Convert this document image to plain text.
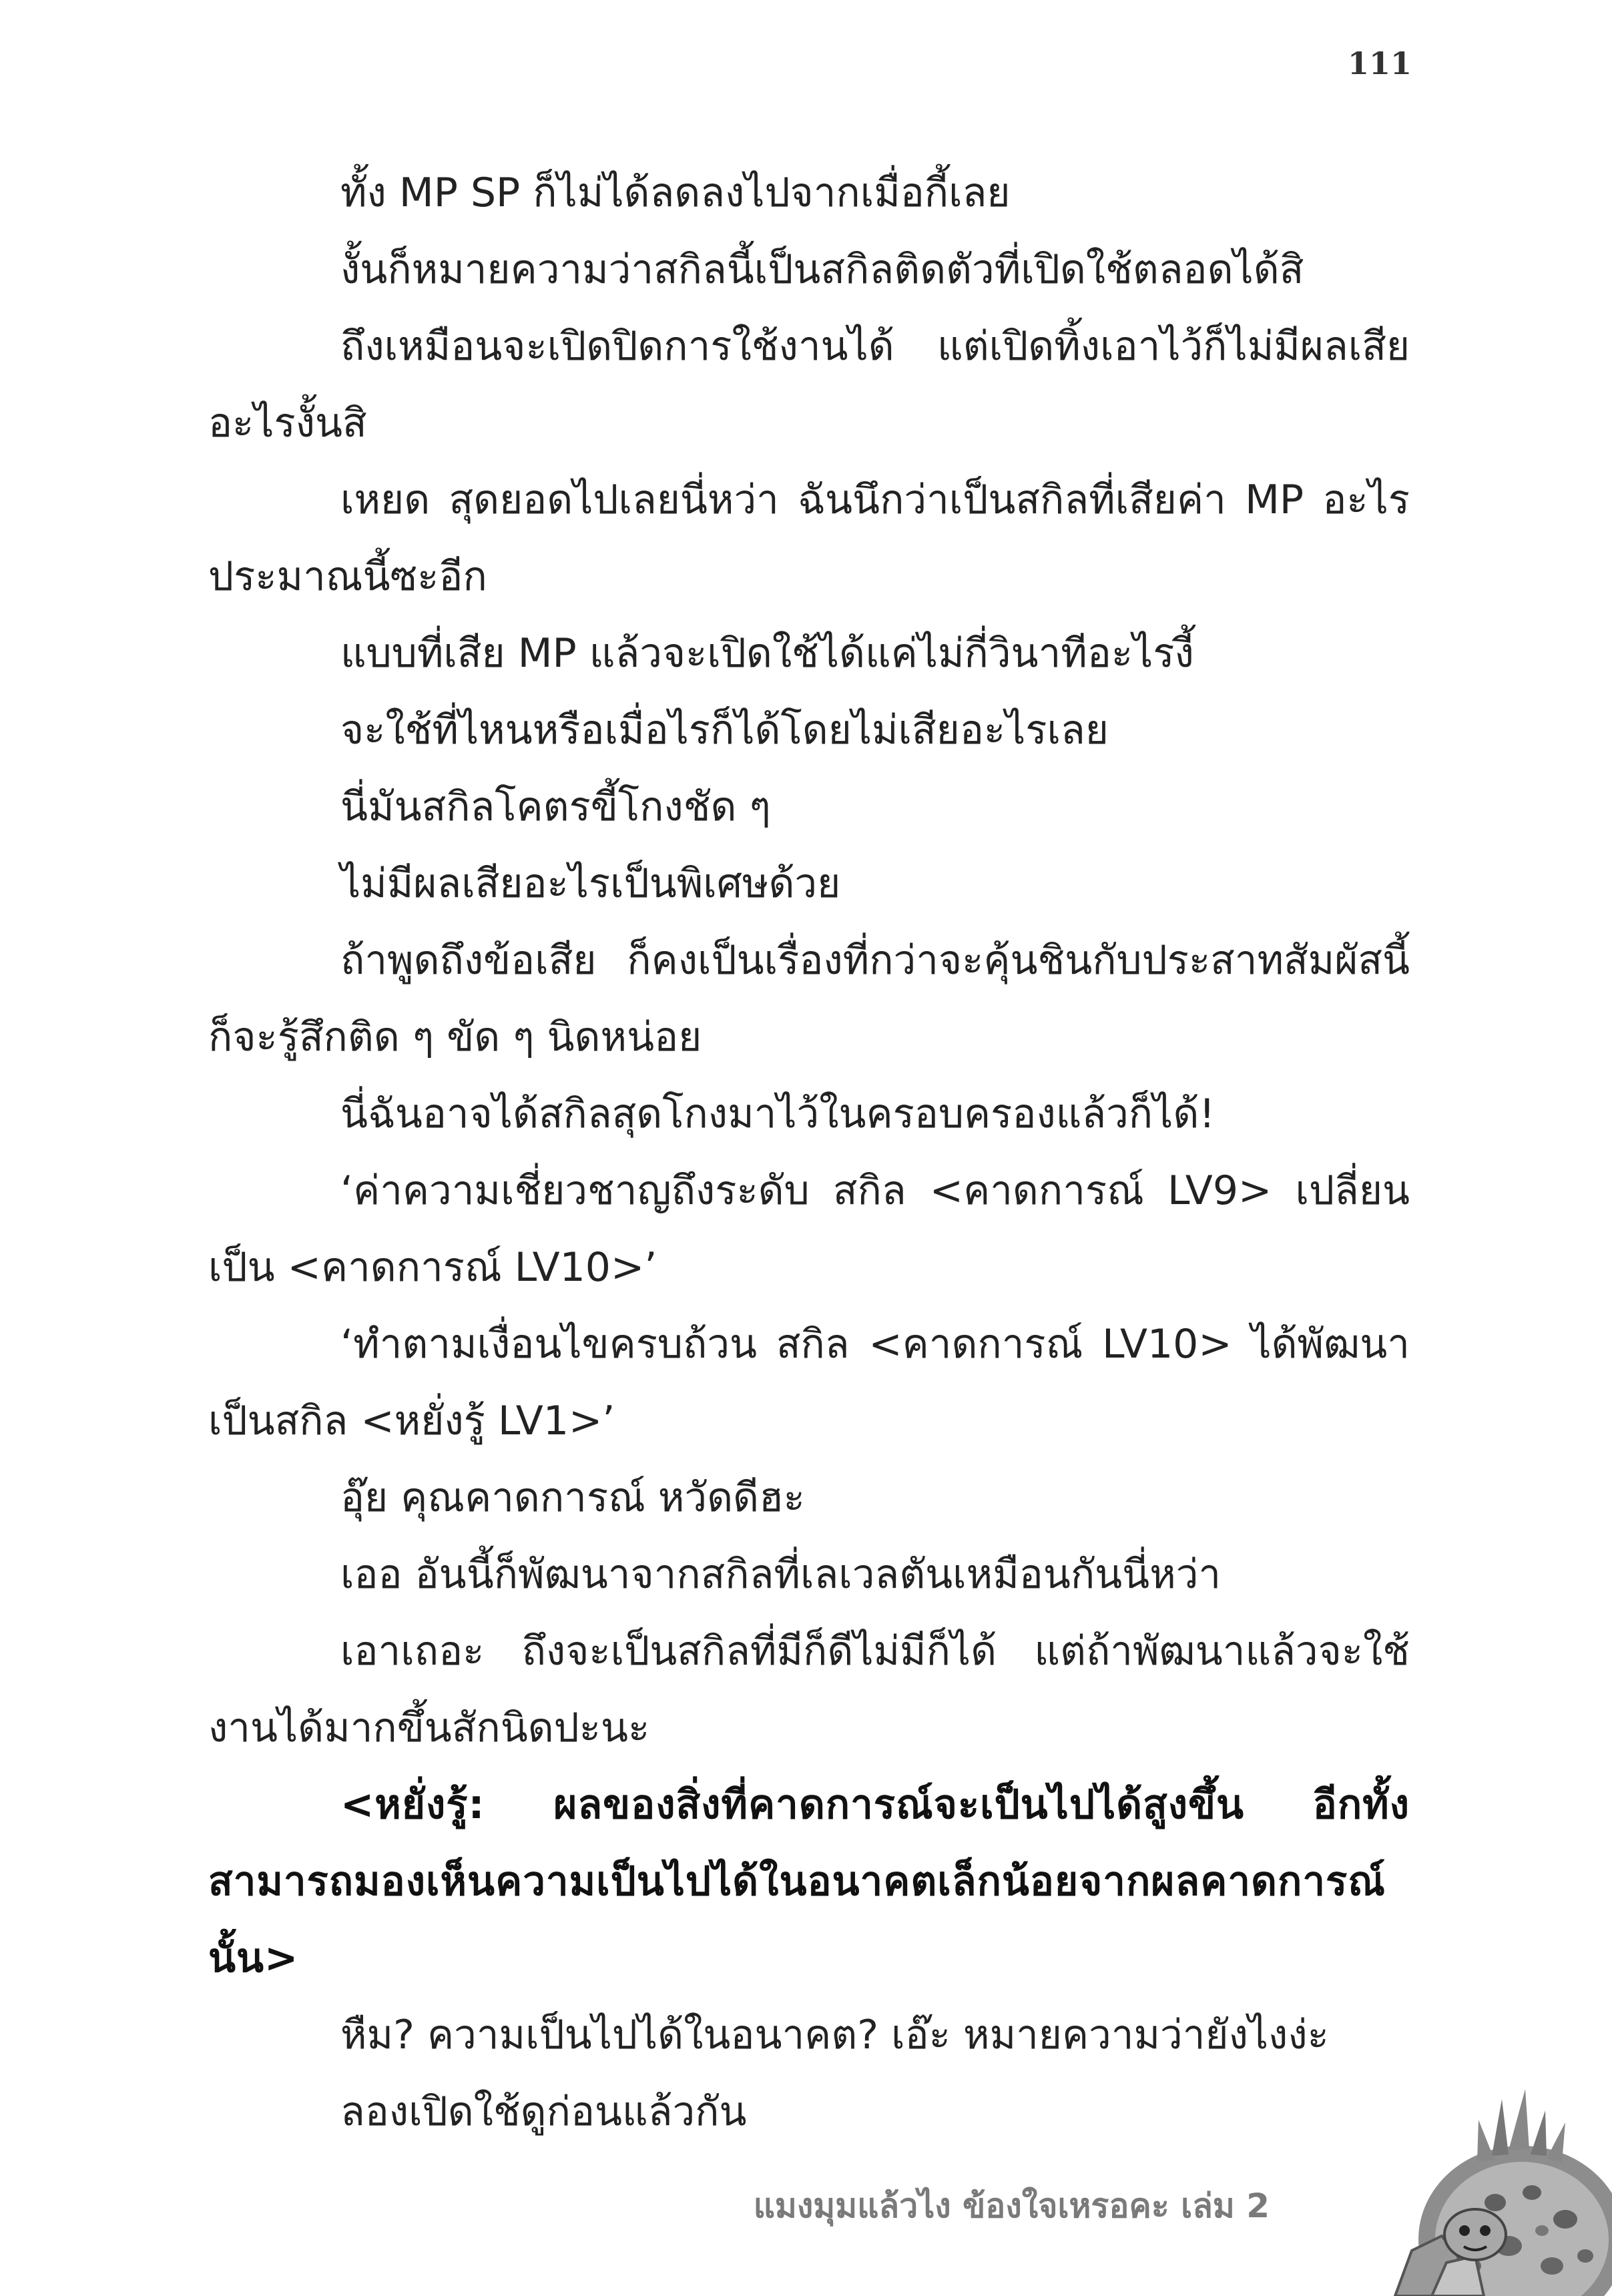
111

ทั้ง MP SP ก็ไม่ได้ลดลงไปจากเมื่อกี้เลย

งั้นก็หมายความว่าสกิลนี้เป็นสกิลติดตัวที่เปิดใช้ตลอดได้สิ

ถึงเหมือนจะเปิดปิดการใช้งานได้ แต่เปิดทิ้งเอาไว้ก็ไม่มีผลเสียอะไรงั้นสิ

เหยด สุดยอดไปเลยนี่หว่า ฉันนึกว่าเป็นสกิลที่เสียค่า MP อะไรประมาณนี้ซะอีก

แบบที่เสีย MP แล้วจะเปิดใช้ได้แค่ไม่กี่วินาทีอะไรงี้

จะใช้ที่ไหนหรือเมื่อไรก็ได้โดยไม่เสียอะไรเลย

นี่มันสกิลโคตรขี้โกงชัด ๆ

ไม่มีผลเสียอะไรเป็นพิเศษด้วย

ถ้าพูดถึงข้อเสีย ก็คงเป็นเรื่องที่กว่าจะคุ้นชินกับประสาทสัมผัสนี้ก็จะรู้สึกติด ๆ ขัด ๆ นิดหน่อย

นี่ฉันอาจได้สกิลสุดโกงมาไว้ในครอบครองแล้วก็ได้!

‘ค่าความเชี่ยวชาญถึงระดับ สกิล <คาดการณ์ LV9> เปลี่ยนเป็น <คาดการณ์ LV10>’

‘ทำตามเงื่อนไขครบถ้วน สกิล <คาดการณ์ LV10> ได้พัฒนาเป็นสกิล <หยั่งรู้ LV1>’

อุ๊ย คุณคาดการณ์ หวัดดีฮะ

เออ อันนี้ก็พัฒนาจากสกิลที่เลเวลตันเหมือนกันนี่หว่า

เอาเถอะ ถึงจะเป็นสกิลที่มีก็ดีไม่มีก็ได้ แต่ถ้าพัฒนาแล้วจะใช้งานได้มากขึ้นสักนิดปะนะ

<หยั่งรู้: ผลของสิ่งที่คาดการณ์จะเป็นไปได้สูงขึ้น อีกทั้งสามารถมองเห็นความเป็นไปได้ในอนาคตเล็กน้อยจากผลคาดการณ์นั้น>

หืม? ความเป็นไปได้ในอนาคต? เอ๊ะ หมายความว่ายังไงง่ะ

ลองเปิดใช้ดูก่อนแล้วกัน

แมงมุมแล้วไง ข้องใจเหรอคะ เล่ม 2
